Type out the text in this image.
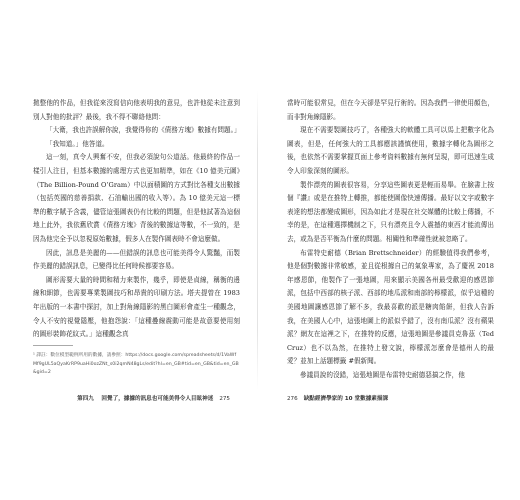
拋整他的作品，但我從來沒寫信向他表明我的意見，也許他從未注意到別人對他的批評？最後，我不得不聯絡他問：

「大衛，我也許誤解你說，我覺得你的《債務方塊》數據有問題。」

「我知道。」他答道。

這一刻，真令人興奮不安，但我必須說句公道話。他最終的作品一樣引人注目，但基本數據的處理方式也更加精準，如在《10 億美元圖》（The Billion-Pound O’Gram）中以面積圖的方式對比各種支出數據（包括英國的慈善捐款、石油輸出國的收入等）。為 10 億美元這一標準的數字賦予含義，儘管這張圖表仍有比較的問題，但是他試著為這個地上此外，我依舊欣賞《債務方塊》背後的數據這等數，不一致的，是因為他完全予以忽視原始數據，假多人在製作圖表時不會這麼做。

因此，訊息是美麗的——但錯誤的訊息也可能美得令人驚豔，而製作美麗的錯誤訊息，已變得比任何時候都要容易。

圖形需要大量的時間和精力來製作，幾乎，即使是貞線，稱衡的邊線和細節，也需要專業製圖技巧和昂貴的印刷方法。塔夫提曾在 1983 年出版的一本書中探討，加上對角線隱影的黑白圖形會產生一種觀念，令人不安的視覺隱壓，他抱怨說：「這種疊線震動可能是故意要使用刻的圖形裝飾花紋式。」這種觀念真

¹ 譯註：數位模型範例所用的數據，請參照：https://docs.google.com/spreadsheets/d/1VaWfMf9gUL5aQyaKrRP9uaHi0ozZNt_s0i2qmN48gLs/edit?hl=en_GB#tid=en_GB&tid=en_GB&gid=2
第四九 　回覺了，據據的訊息也可能美得令人目眩神迷 275

當時可能很常見，但在今天卻是罕見行術的。因為我們一律使用顏色，而非對角線隱影。

現在不需要製圖技巧了，各種強大的軟體工具可以馬上把數字化為圖表，但是，任何強大的工具都應該謹慎使用，數據字轉化為圖形之後，也依然不需要掌握頁面上參考資料數據有無何呈現，即可迅速生成令人印象深刻的圖形。

製作漂亮的圖表很容易，分享這些圖表更是輕而易舉。在臉書上按個『讚』或是在推特上轉推，都能使圖像快速傳播。最好以文字或數字表達的想法都變成圖形，因為如此才是現在社交媒體的比較上傳播，不幸的是，在這種選擇機制之下，只有漂亮且令人震撼的東西才能流傳出去，或為是否平衡為什麼的問題。相關性和準確性就被忽略了。

布雷特史耐德（Brian Brettschneider）的經驗值得我們參考，他是個對數據非常敏感，並且從根據自己的氣象專家，為了慶祝 2018 年感恩節，他製作了一張地圖，用來顯示美國各州最受歡迎的感恩節派，包括中西部的核子派、西部的地瓜派和南部的檸檬派，似乎這種的美國地圖讓感恩節了解不多，我最喜歡的派是糖肉餡餅，但我人告訴我，在美國人心中，這張地圖上的派似乎錯了，沒有南瓜派？沒有蘋果派？網友在這裡之下，在推特的反應，這張地圖是參議員克魯茲（Ted Cruz）也不以為然，在推特上發文說，檸檬派怎麼會是德州人的最愛？並加上話題標籤 #假新聞。

參議員說的沒錯，這張地圖是布雷特史耐德惡搞之作，他

276 缺點經濟學家的 10 堂數據素描課
